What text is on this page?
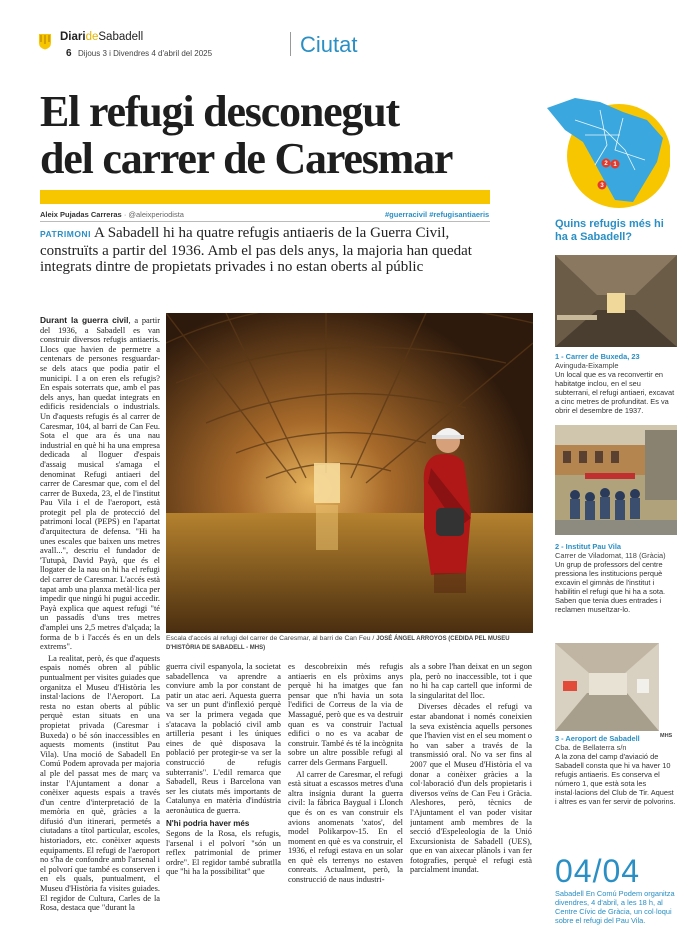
DiarideSabadell
6 Dijous 3 i Divendres 4 d'abril del 2025	Ciutat
El refugi desconegut
del carrer de Caresmar
Aleix Pujadas Carreras · @aleixperiodista	#guerracivil #refugisantiaeris
PATRIMONI A Sabadell hi ha quatre refugis antiaeris de la Guerra Civil, construïts a partir del 1936. Amb el pas dels anys, la majoria han quedat integrats dintre de propietats privades i no estan oberts al públic

Durant la guerra civil, a partir del 1936, a Sabadell es van construir diversos refugis antiaeris. Llocs que havien de permetre a centenars de persones resguardar-se dels atacs que podia patir el municipi. I a on eren els refugis? En espais soterrats que, amb el pas dels anys, han quedat integrats en edificis residencials o industrials. Un d'aquests refugis és al carrer de Caresmar, 104, al barri de Can Feu. Sota el que ara és una nau industrial en què hi ha una empresa dedicada al lloguer d'espais d'assaig musical s'amaga el denominat Refugi antiaeri del carrer de Caresmar que, com el del carrer de Buxeda, 23, el de l'institut Pau Vila i el de l'aeroport, està protegit pel pla de protecció del patrimoni local (PEPS) en l'apartat d'arquitectura de defensa. "Hi ha unes escales que baixen uns metres avall...", descriu el fundador de 'Tutupà, David Payà, que és el llogater de la nau on hi ha el refugi del carrer de Caresmar. L'accés està tapat amb una planxa metàl·lica per impedir que ningú hi pugui accedir. Payà explica que aquest refugi "té un passadís d'uns tres metres d'amplei uns 2,5 metres d'alçada; la forma de b i l'accés és en un dels extrems".

La realitat, però, és que d'aquests espais només obren al públic puntualment per visites guiades que organitza el Museu d'Història les instal·lacions de l'Aeroport. La resta no estan oberts al públic perquè estan situats en una propietat privada (Caresmar i Buxeda) o bé són inaccessibles en aquests moments (institut Pau Vila). Una moció de Sabadell En Comú Podem aprovada per majoria al ple del passat mes de març va instar l'Ajuntament a donar a conèixer aquests espais a través d'un centre d'interpretació de la memòria en què, gràcies a la difusió d'un itinerari, permetés a ciutadans a títol particular, escoles, historiadors, etc. conèixer aquests equipaments. El refugi de l'aeroport no s'ha de confondre amb l'arsenal i el polvorí que també es conserven i en els quals, puntualment, el Museu d'Història fa visites guiades. El regidor de Cultura, Carles de la Rosa, destaca que "durant la

Escala d'accés al refugi del carrer de Caresmar, al barri de Can Feu / JOSÉ ÁNGEL ARROYOS (CEDIDA PEL MUSEU D'HISTÒRIA DE SABADELL - MHS)

guerra civil espanyola, la societat sabadellenca va aprendre a conviure amb la por constant de patir un atac aeri. Aquesta guerra va ser un punt d'inflexió perquè va ser la primera vegada que s'atacava la població civil amb artilleria pesant i les úniques eines de què disposava la població per protegir-se va ser la construcció de refugis subterranis". L'edil remarca que Sabadell, Reus i Barcelona van ser les ciutats més importants de Catalunya en matèria d'indústria aeronàutica de guerra.

N'hi podria haver més

Segons de la Rosa, els refugis, l'arsenal i el polvorí "són un reflex patrimonial de primer ordre". El regidor també subratlla que "hi ha la possibilitat" que

es descobreixin més refugis antiaeris en els pròxims anys perquè hi ha imatges que fan pensar que n'hi havia un sota l'edifici de Correus de la via de Massagué, però que es va destruir quan es va construir l'actual edifici o no es va acabar de construir. També és té la incògnita sobre un altre possible refugi al carrer dels Germans Farguell.

Al carrer de Caresmar, el refugi està situat a escassos metres d'una altra insígnia durant la guerra civil: la fàbrica Baygual i Llonch que és on es van construir els avions anomenats 'xatos', del model Polikarpov-15. En el moment en què es va construir, el 1936, el refugi estava en un solar en què els terrenys no estaven conreats. Actualment, però, la construcció de naus industri-

als a sobre l'han deixat en un segon pla, però no inaccessible, tot i que no hi ha cap cartell que informi de la singularitat del lloc.

Diverses dècades el refugi va estar abandonat i només coneixien la seva existència aquells persones que l'havien vist en el seu moment o ho van saber a través de la transmissió oral. No va ser fins al 2007 que el Museu d'Història el va donar a conèixer gràcies a la col·laboració d'un dels propietaris i diversos veïns de Can Feu i Gràcia. Aleshores, però, tècnics de l'Ajuntament el van poder visitar juntament amb membres de la secció d'Espeleologia de la Unió Excursionista de Sabadell (UES), que en van aixecar plànols i van fer fotografies, perquè el refugi està parcialment inundat.

2 1
3
Quins refugis més hi ha a Sabadell?
1 - Carrer de Buxeda, 23
Avinguda-Eixample
Un local que es va reconvertir en habitatge inclou, en el seu subterrani, el refugi antiaeri, excavat a cinc metres de profunditat. Es va obrir el desembre de 1937.
2 - Institut Pau Vila
Carrer de Viladomat, 118 (Gràcia)
Un grup de professors del centre pressiona les institucions perquè excavin el gimnàs de l'institut i habilitin el refugi que hi ha a sota. Saben que tenia dues entrades i reclamen museïtzar-lo.
MHS
3 - Aeroport de Sabadell
Cba. de Bellaterra s/n
A la zona del camp d'aviació de Sabadell consta que hi va haver 10 refugis antiaeris. Es conserva el número 1, que està sota les instal·lacions del Club de Tir. Aquest i altres es van fer servir de polvorins.
04/04
Sabadell En Comú Podem organitza divendres, 4 d'abril, a les 18 h, al Centre Cívic de Gràcia, un col·loqui sobre el refugi del Pau Vila.
